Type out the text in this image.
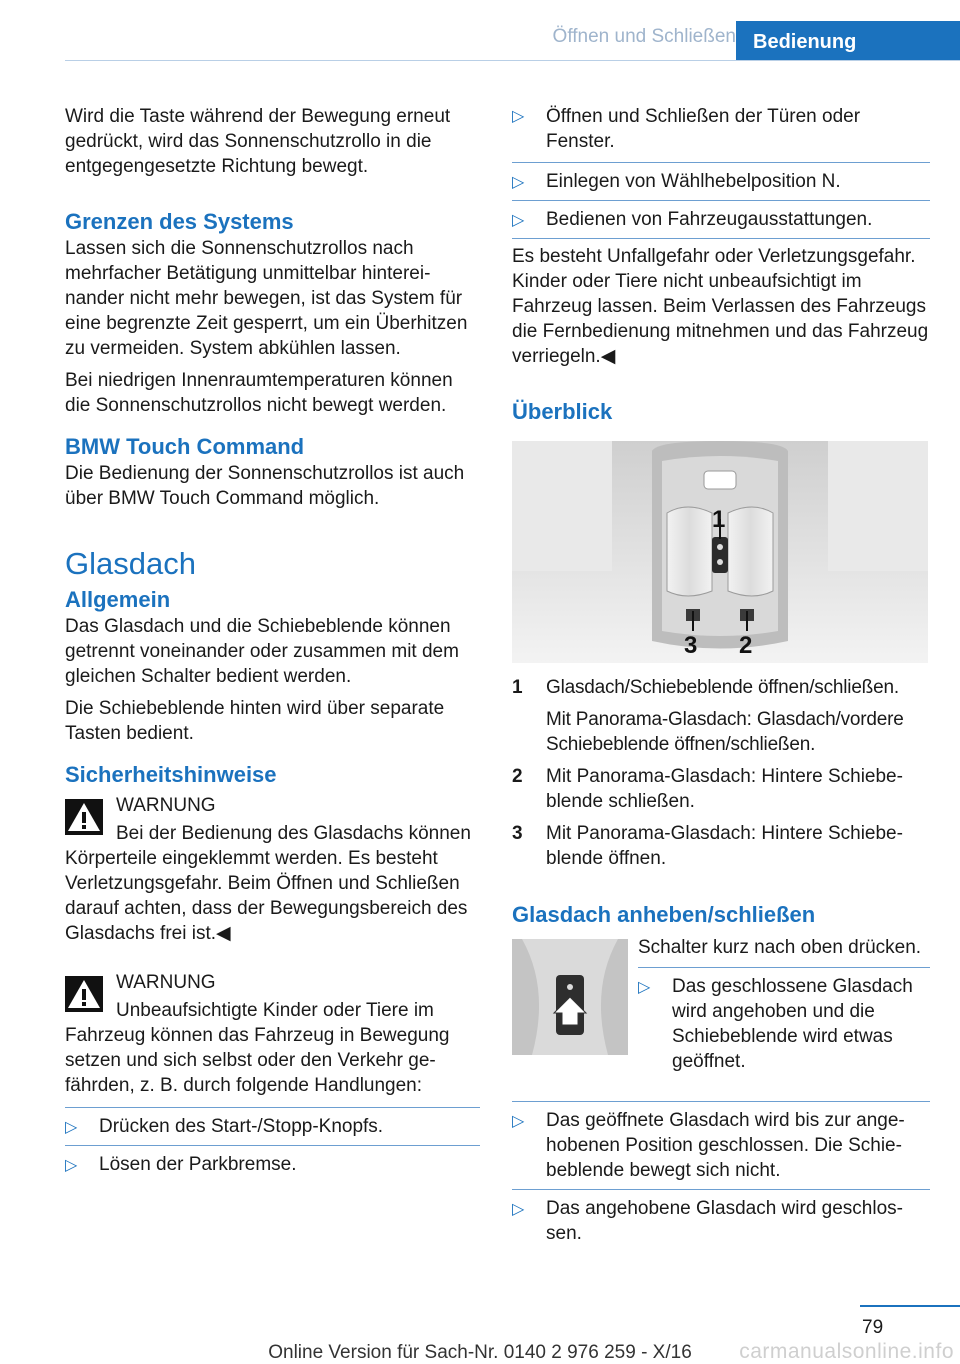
Öffnen und Schließen Bedienung

Wird die Taste während der Bewegung erneut gedrückt, wird das Sonnenschutzrollo in die entgegengesetzte Richtung bewegt.

Grenzen des Systems

Lassen sich die Sonnenschutzrollos nach mehrfacher Betätigung unmittelbar hintereinander nicht mehr bewegen, ist das System für eine begrenzte Zeit gesperrt, um ein Überhitzen zu vermeiden. System abkühlen lassen.

Bei niedrigen Innenraumtemperaturen können die Sonnenschutzrollos nicht bewegt werden.

BMW Touch Command

Die Bedienung der Sonnenschutzrollos ist auch über BMW Touch Command möglich.

Glasdach
Allgemein

Das Glasdach und die Schiebeblende können getrennt voneinander oder zusammen mit dem gleichen Schalter bedient werden.

Die Schiebeblende hinten wird über separate Tasten bedient.

Sicherheitshinweise

WARNUNG

Bei der Bedienung des Glasdachs können Körperteile eingeklemmt werden. Es besteht Verletzungsgefahr. Beim Öffnen und Schließen darauf achten, dass der Bewegungsbereich des Glasdachs frei ist.◀

WARNUNG

Unbeaufsichtigte Kinder oder Tiere im Fahrzeug können das Fahrzeug in Bewegung setzen und sich selbst oder den Verkehr gefährden, z. B. durch folgende Handlungen:

▷ Drücken des Start-/Stopp-Knopfs.
▷ Lösen der Parkbremse.
▷ Öffnen und Schließen der Türen oder Fenster.
▷ Einlegen von Wählhebelposition N.
▷ Bedienen von Fahrzeugausstattungen.

Es besteht Unfallgefahr oder Verletzungsgefahr. Kinder oder Tiere nicht unbeaufsichtigt im Fahrzeug lassen. Beim Verlassen des Fahrzeugs die Fernbedienung mitnehmen und das Fahrzeug verriegeln.◀

Überblick
1
3 2
1 Glasdach/Schiebeblende öffnen/schließen.

Mit Panorama-Glasdach: Glasdach/vordere Schiebeblende öffnen/schließen.

2 Mit Panorama-Glasdach: Hintere Schiebeblende schließen.

3 Mit Panorama-Glasdach: Hintere Schiebeblende öffnen.

Glasdach anheben/schließen

Schalter kurz nach oben drücken.

▷ Das geschlossene Glasdach wird angehoben und die Schiebeblende wird etwas geöffnet.
▷ Das geöffnete Glasdach wird bis zur angehobenen Position geschlossen. Die Schiebeblende bewegt sich nicht.
▷ Das angehobene Glasdach wird geschlossen.
79
Online Version für Sach-Nr. 0140 2 976 259 - X/16	carmanualsonline.info
